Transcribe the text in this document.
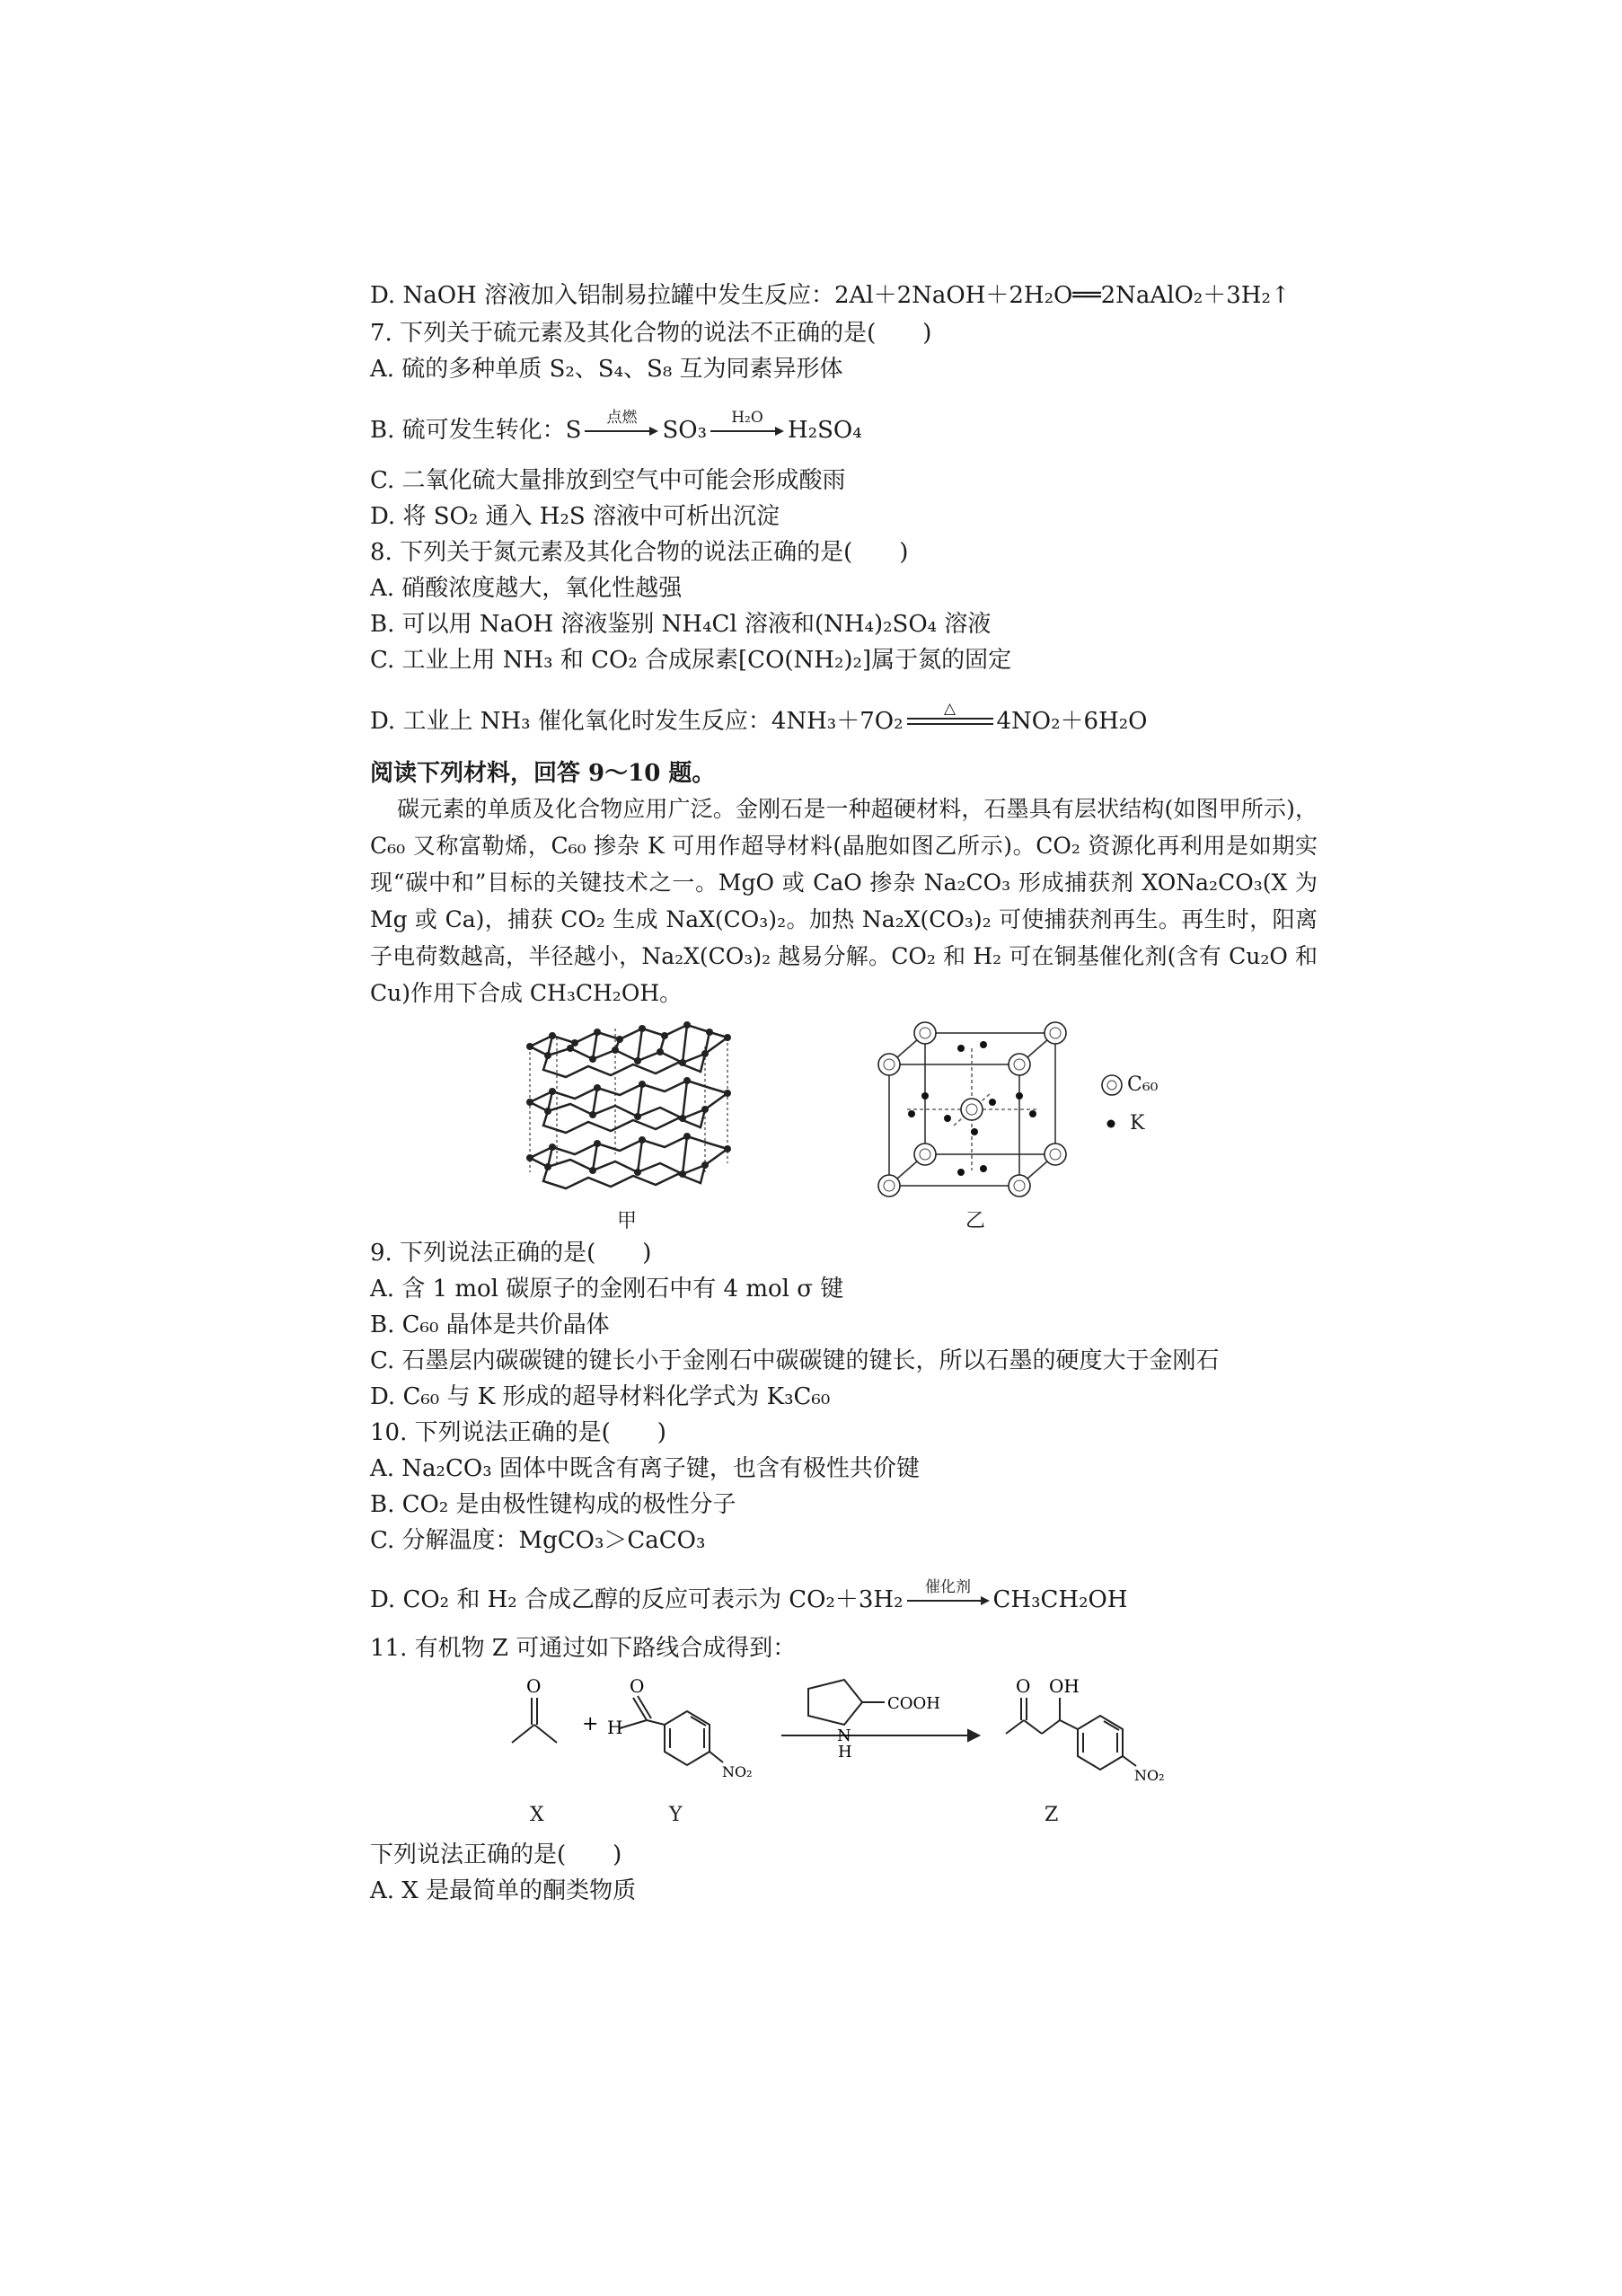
D. NaOH 溶液加入铝制易拉罐中发生反应：2Al＋2NaOH＋2H₂O══2NaAlO₂＋3H₂↑
7. 下列关于硫元素及其化合物的说法不正确的是(　　)
A. 硫的多种单质 S₂、S₄、S₈ 互为同素异形体
B. 硫可发生转化：S	点燃	SO₃	H₂O	H₂SO₄
C. 二氧化硫大量排放到空气中可能会形成酸雨
D. 将 SO₂ 通入 H₂S 溶液中可析出沉淀
8. 下列关于氮元素及其化合物的说法正确的是(　　)
A. 硝酸浓度越大，氧化性越强
B. 可以用 NaOH 溶液鉴别 NH₄Cl 溶液和(NH₄)₂SO₄ 溶液
C. 工业上用 NH₃ 和 CO₂ 合成尿素[CO(NH₂)₂]属于氮的固定
D. 工业上 NH₃ 催化氧化时发生反应：4NH₃＋7O₂	△	4NO₂＋6H₂O
阅读下列材料，回答 9～10 题。
碳元素的单质及化合物应用广泛。金刚石是一种超硬材料，石墨具有层状结构(如图甲所示)，C₆₀ 又称富勒烯，C₆₀ 掺杂 K 可用作超导材料(晶胞如图乙所示)。CO₂ 资源化再利用是如期实现“碳中和”目标的关键技术之一。MgO 或 CaO 掺杂 Na₂CO₃ 形成捕获剂 XONa₂CO₃(X 为 Mg 或 Ca)，捕获 CO₂ 生成 NaX(CO₃)₂。加热 Na₂X(CO₃)₂ 可使捕获剂再生。再生时，阳离子电荷数越高，半径越小，Na₂X(CO₃)₂ 越易分解。CO₂ 和 H₂ 可在铜基催化剂(含有 Cu₂O 和 Cu)作用下合成 CH₃CH₂OH。
甲
C₆₀
K
乙
9. 下列说法正确的是(　　)
A. 含 1 mol 碳原子的金刚石中有 4 mol σ 键
B. C₆₀ 晶体是共价晶体
C. 石墨层内碳碳键的键长小于金刚石中碳碳键的键长，所以石墨的硬度大于金刚石
D. C₆₀ 与 K 形成的超导材料化学式为 K₃C₆₀
10. 下列说法正确的是(　　)
A. Na₂CO₃ 固体中既含有离子键，也含有极性共价键
B. CO₂ 是由极性键构成的极性分子
C. 分解温度：MgCO₃＞CaCO₃
D. CO₂ 和 H₂ 合成乙醇的反应可表示为 CO₂＋3H₂	催化剂 CH₃CH₂OH
11. 有机物 Z 可通过如下路线合成得到：
O
+
O
H
NO₂
N
H
COOH
O OH
NO₂
X	Y	Z
下列说法正确的是(　　)
A. X 是最简单的酮类物质
